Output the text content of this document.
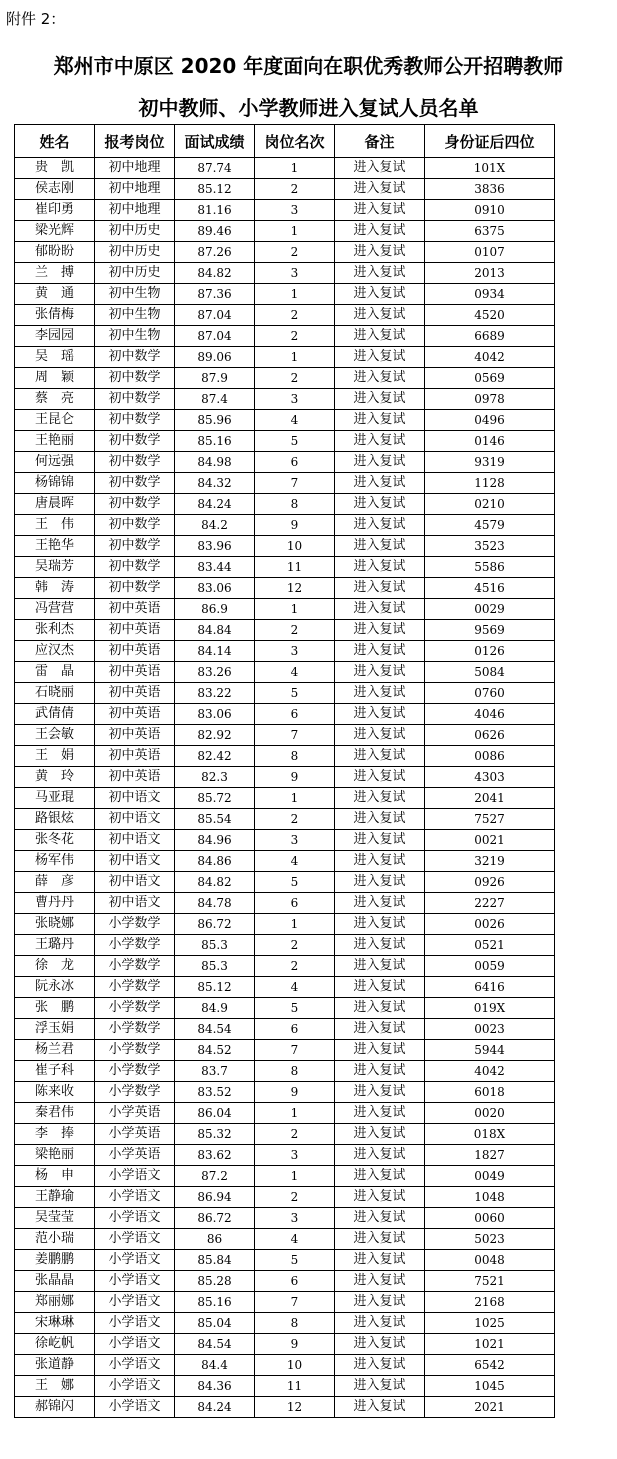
附件 2：
郑州市中原区 2020 年度面向在职优秀教师公开招聘教师
初中教师、小学教师进入复试人员名单
姓名	报考岗位	面试成绩	岗位名次	备注	身份证后四位
贵　凯	初中地理	87.74	1	进入复试	101X
侯志刚	初中地理	85.12	2	进入复试	3836
崔印勇	初中地理	81.16	3	进入复试	0910
梁光辉	初中历史	89.46	1	进入复试	6375
郁盼盼	初中历史	87.26	2	进入复试	0107
兰　搏	初中历史	84.82	3	进入复试	2013
黄　通	初中生物	87.36	1	进入复试	0934
张倩梅	初中生物	87.04	2	进入复试	4520
李园园	初中生物	87.04	2	进入复试	6689
吴　瑶	初中数学	89.06	1	进入复试	4042
周　颖	初中数学	87.9	2	进入复试	0569
蔡　亮	初中数学	87.4	3	进入复试	0978
王昆仑	初中数学	85.96	4	进入复试	0496
王艳丽	初中数学	85.16	5	进入复试	0146
何远强	初中数学	84.98	6	进入复试	9319
杨锦锦	初中数学	84.32	7	进入复试	1128
唐晨晖	初中数学	84.24	8	进入复试	0210
王　伟	初中数学	84.2	9	进入复试	4579
王艳华	初中数学	83.96	10	进入复试	3523
吴瑞芳	初中数学	83.44	11	进入复试	5586
韩　涛	初中数学	83.06	12	进入复试	4516
冯营营	初中英语	86.9	1	进入复试	0029
张利杰	初中英语	84.84	2	进入复试	9569
应汉杰	初中英语	84.14	3	进入复试	0126
雷　晶	初中英语	83.26	4	进入复试	5084
石晓丽	初中英语	83.22	5	进入复试	0760
武倩倩	初中英语	83.06	6	进入复试	4046
王会敏	初中英语	82.92	7	进入复试	0626
王　娟	初中英语	82.42	8	进入复试	0086
黄　玲	初中英语	82.3	9	进入复试	4303
马亚琨	初中语文	85.72	1	进入复试	2041
路银炫	初中语文	85.54	2	进入复试	7527
张冬花	初中语文	84.96	3	进入复试	0021
杨军伟	初中语文	84.86	4	进入复试	3219
薛　彦	初中语文	84.82	5	进入复试	0926
曹丹丹	初中语文	84.78	6	进入复试	2227
张晓娜	小学数学	86.72	1	进入复试	0026
王璐丹	小学数学	85.3	2	进入复试	0521
徐　龙	小学数学	85.3	2	进入复试	0059
阮永冰	小学数学	85.12	4	进入复试	6416
张　鹏	小学数学	84.9	5	进入复试	019X
浮玉娟	小学数学	84.54	6	进入复试	0023
杨兰君	小学数学	84.52	7	进入复试	5944
崔子科	小学数学	83.7	8	进入复试	4042
陈来收	小学数学	83.52	9	进入复试	6018
秦君伟	小学英语	86.04	1	进入复试	0020
李　捧	小学英语	85.32	2	进入复试	018X
梁艳丽	小学英语	83.62	3	进入复试	1827
杨　申	小学语文	87.2	1	进入复试	0049
王静瑜	小学语文	86.94	2	进入复试	1048
吴莹莹	小学语文	86.72	3	进入复试	0060
范小瑞	小学语文	86	4	进入复试	5023
姜鹏鹏	小学语文	85.84	5	进入复试	0048
张晶晶	小学语文	85.28	6	进入复试	7521
郑丽娜	小学语文	85.16	7	进入复试	2168
宋琳琳	小学语文	85.04	8	进入复试	1025
徐屹帆	小学语文	84.54	9	进入复试	1021
张道静	小学语文	84.4	10	进入复试	6542
王　娜	小学语文	84.36	11	进入复试	1045
郝锦闪	小学语文	84.24	12	进入复试	2021
